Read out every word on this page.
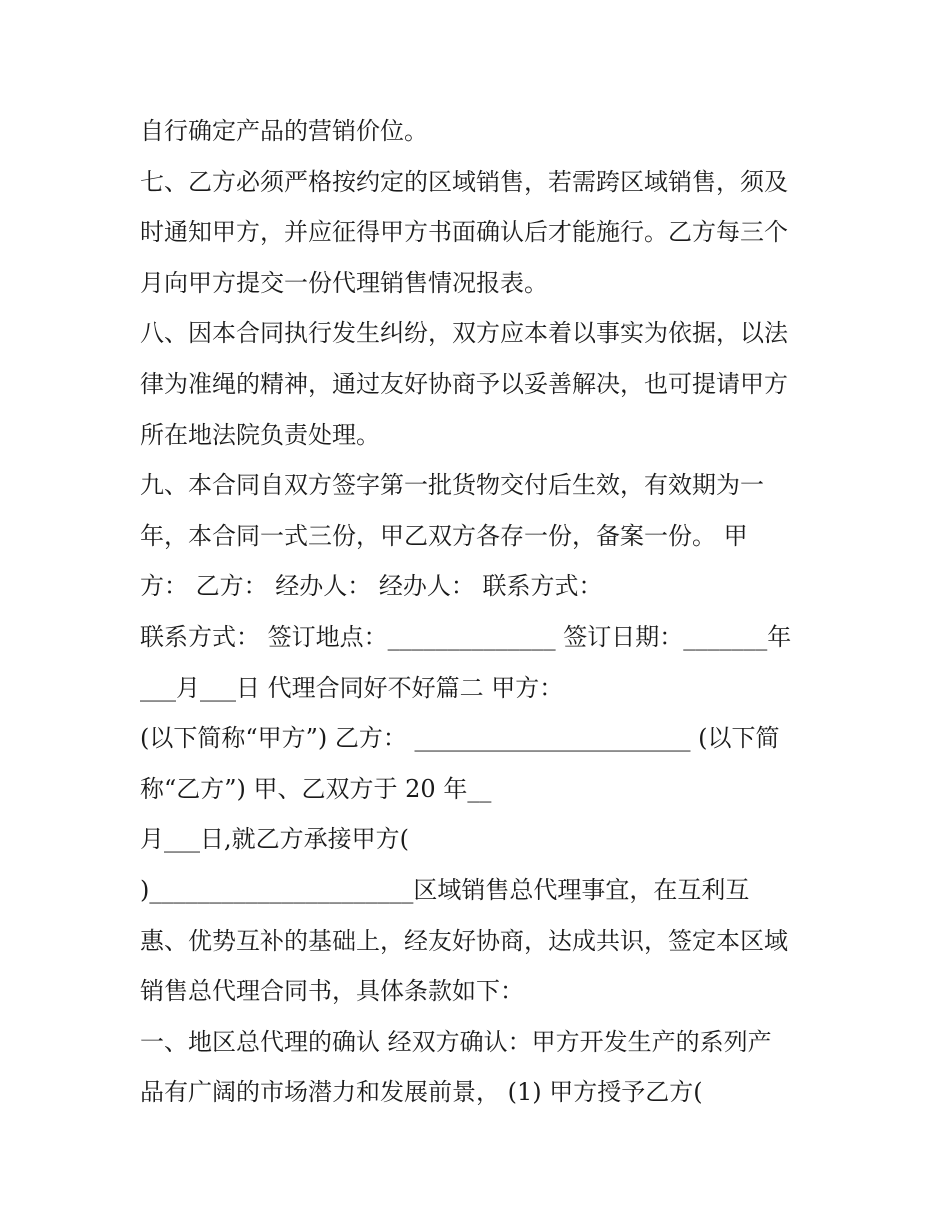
自行确定产品的营销价位。
七、乙方必须严格按约定的区域销售，若需跨区域销售，须及
时通知甲方，并应征得甲方书面确认后才能施行。乙方每三个
月向甲方提交一份代理销售情况报表。
八、因本合同执行发生纠纷，双方应本着以事实为依据，以法
律为准绳的精神，通过友好协商予以妥善解决，也可提请甲方
所在地法院负责处理。
九、本合同自双方签字第一批货物交付后生效，有效期为一
年，本合同一式三份，甲乙双方各存一份，备案一份。 甲
方： 乙方： 经办人： 经办人： 联系方式：
联系方式： 签订地点：______________ 签订日期：_______年
___月___日 代理合同好不好篇二 甲方：
(以下简称“甲方”) 乙方： _______________________ (以下简
称“乙方”) 甲、乙双方于 20 年__
月___日,就乙方承接甲方(
)______________________区域销售总代理事宜，在互利互
惠、优势互补的基础上，经友好协商，达成共识，签定本区域
销售总代理合同书，具体条款如下：
一、地区总代理的确认 经双方确认：甲方开发生产的系列产
品有广阔的市场潜力和发展前景， (1) 甲方授予乙方(
